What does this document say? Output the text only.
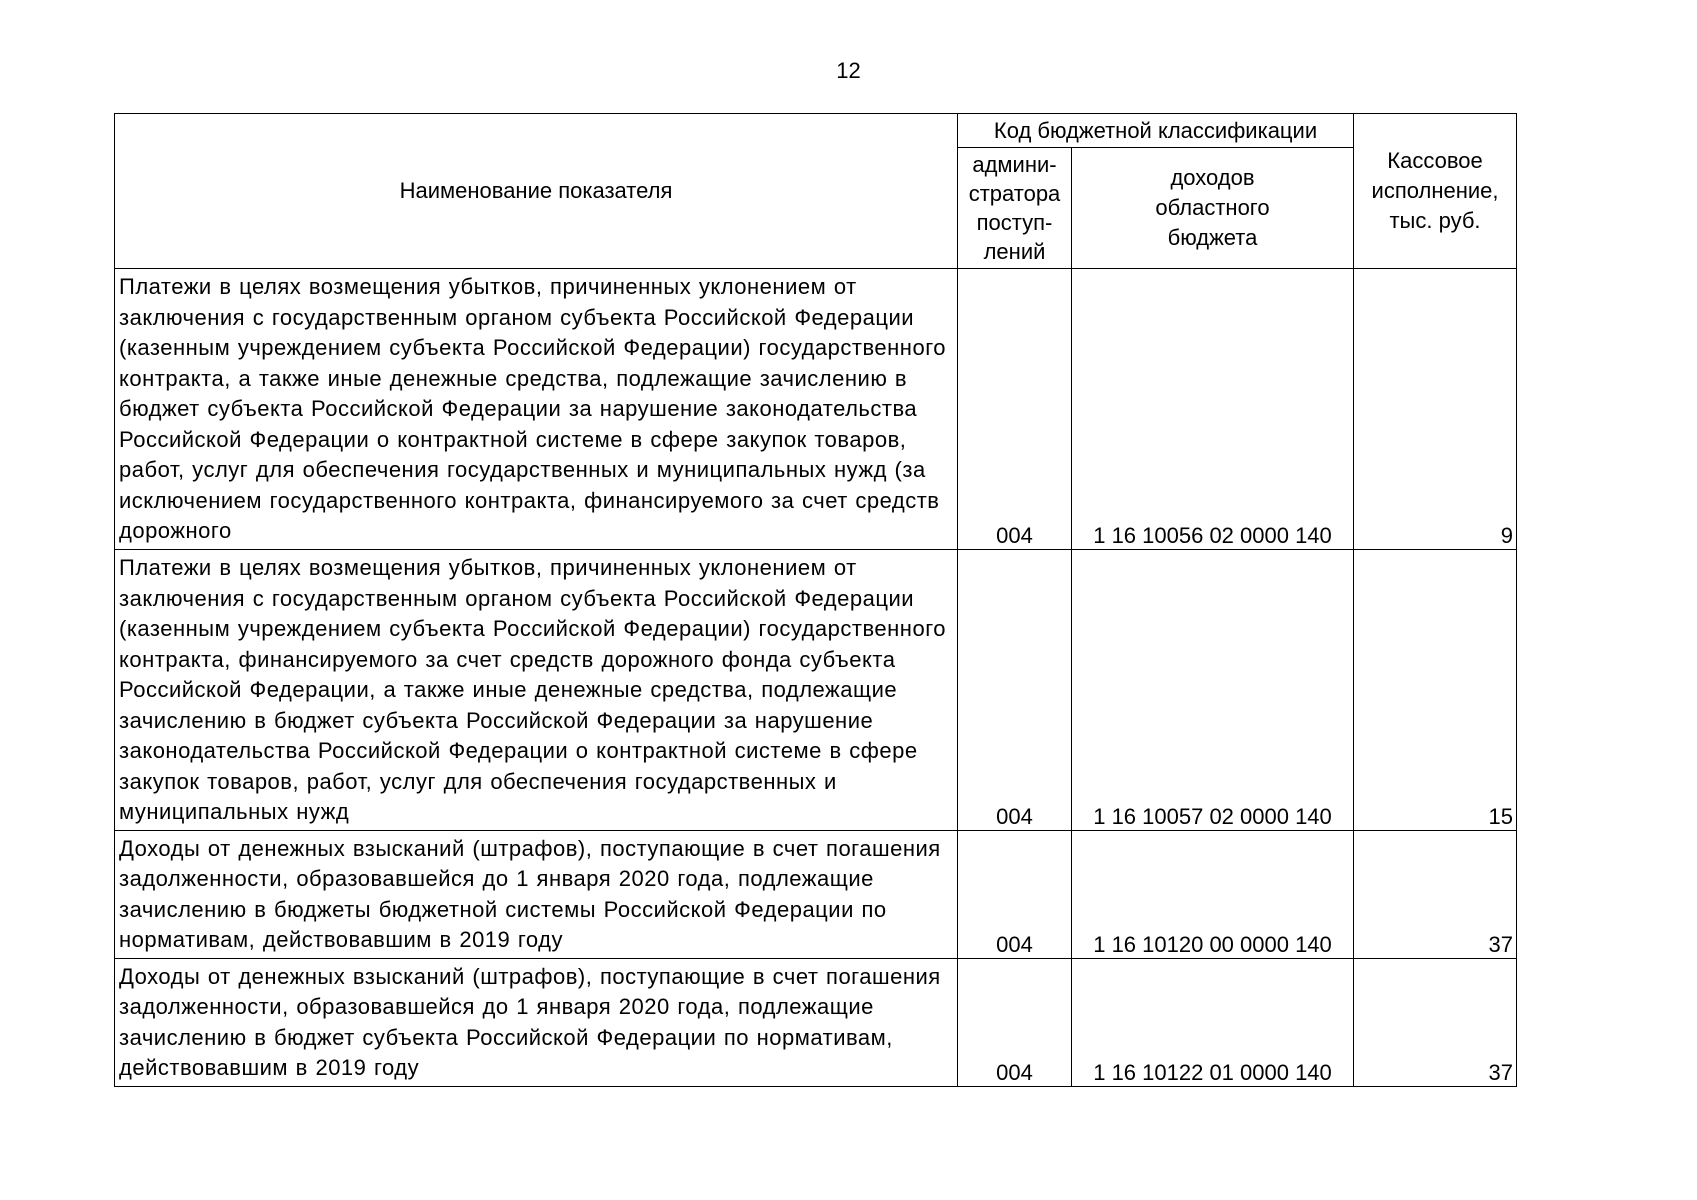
12
Наименование показателя	Код бюджетной классификации		Кассовое исполнение, тыс. руб.

	админи-
стратора
поступ-
лений	доходов
областного
бюджета	

Платежи в целях возмещения убытков, причиненных уклонением от заключения с государственным органом субъекта Российской Федерации (казенным учреждением субъекта Российской Федерации) государственного контракта, а также иные денежные средства, подлежащие зачислению в бюджет субъекта Российской Федерации за нарушение законодательства Российской Федерации о контрактной системе в сфере закупок товаров, работ, услуг для обеспечения государственных и муниципальных нужд (за исключением государственного контракта, финансируемого за счет средств дорожного	004	1 16 10056 02 0000 140	9
Платежи в целях возмещения убытков, причиненных уклонением от заключения с государственным органом субъекта Российской Федерации (казенным учреждением субъекта Российской Федерации) государственного контракта, финансируемого за счет средств дорожного фонда субъекта Российской Федерации, а также иные денежные средства, подлежащие зачислению в бюджет субъекта Российской Федерации за нарушение законодательства Российской Федерации о контрактной системе в сфере закупок товаров, работ, услуг для обеспечения государственных и муниципальных нужд	004	1 16 10057 02 0000 140	15
Доходы от денежных взысканий (штрафов), поступающие в счет погашения задолженности, образовавшейся до 1 января 2020 года, подлежащие зачислению в бюджеты бюджетной системы Российской Федерации по нормативам, действовавшим в 2019 году	004	1 16 10120 00 0000 140	37
Доходы от денежных взысканий (штрафов), поступающие в счет погашения задолженности, образовавшейся до 1 января 2020 года, подлежащие зачислению в бюджет субъекта Российской Федерации по нормативам, действовавшим в 2019 году	004	1 16 10122 01 0000 140	37
